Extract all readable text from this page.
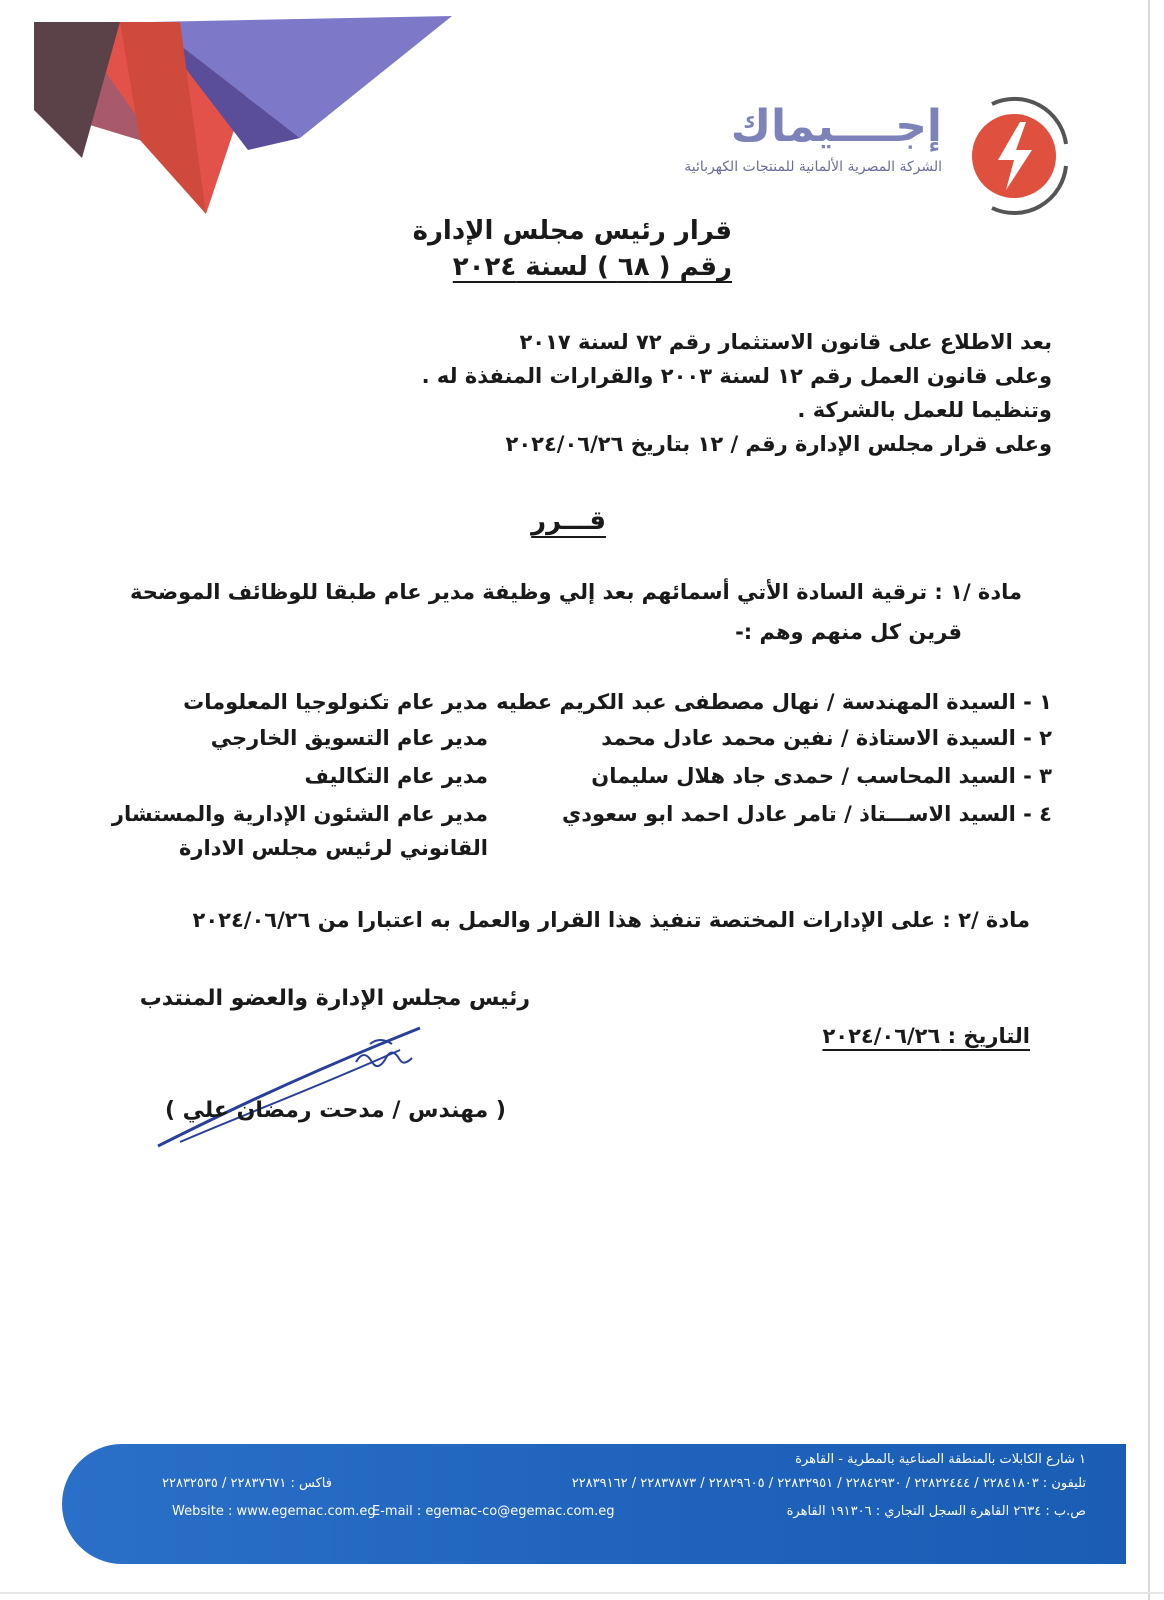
إجــــيماك
الشركة المصرية الألمانية للمنتجات الكهربائية
قرار رئيس مجلس الإدارة
رقم ( ٦٨ ) لسنة ٢٠٢٤
بعد الاطلاع على قانون الاستثمار رقم ٧٢ لسنة ٢٠١٧
وعلى قانون العمل رقم ١٢ لسنة ٢٠٠٣ والقرارات المنفذة له .
وتنظيما للعمل بالشركة .
وعلى قرار مجلس الإدارة رقم / ١٢ بتاريخ ٢٠٢٤/٠٦/٢٦
قـــرر
مادة /١ : ترقية السادة الأتي أسمائهم بعد إلي وظيفة مدير عام طبقا للوظائف الموضحة
قرين كل منهم وهم :-
١ - السيدة المهندسة / نهال مصطفى عبد الكريم عطيه
مدير عام تكنولوجيا المعلومات
٢ - السيدة الاستاذة / نفين محمد عادل محمد
مدير عام التسويق الخارجي
٣ - السيد المحاسب / حمدى جاد هلال سليمان
مدير عام التكاليف
٤ - السيد الاســـتاذ / تامر عادل احمد ابو سعودي
مدير عام الشئون الإدارية والمستشار
القانوني لرئيس مجلس الادارة
مادة /٢ : على الإدارات المختصة تنفيذ هذا القرار والعمل به اعتبارا من ٢٠٢٤/٠٦/٢٦
رئيس مجلس الإدارة والعضو المنتدب
التاريخ : ٢٠٢٤/٠٦/٢٦
( مهندس / مدحت رمضان علي )
١ شارع الكابلات بالمنطقة الصناعية بالمطرية - القاهرة
تليفون : ٢٢٨٤١٨٠٣ / ٢٢٨٢٢٤٤٤ / ٢٢٨٤٢٩٣٠ / ٢٢٨٣٢٩٥١ / ٢٢٨٢٩٦٠٥ / ٢٢٨٣٧٨٧٣ / ٢٢٨٣٩١٦٢
فاكس : ٢٢٨٣٧٦٧١ / ٢٢٨٣٢٥٣٥
Website : www.egemac.com.eg
E-mail : egemac-co@egemac.com.eg	ص.ب : ٢٦٣٤ القاهرة السجل التجاري : ١٩١٣٠٦ القاهرة
